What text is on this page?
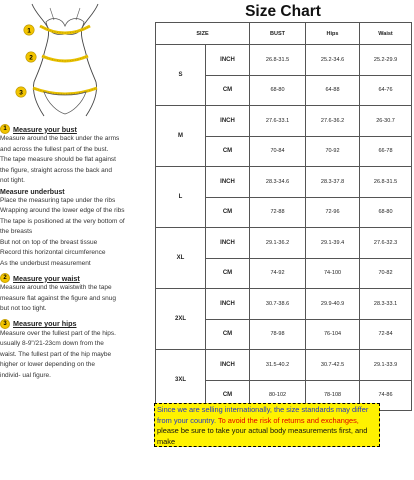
1
2
3
1 Measure your bust
Measure around the back under the arms
and across the fullest part of the bust.
The tape measure should be flat against
the figure, straight across the back and
not tight.
Measure underbust
Place the measuring tape under the ribs
Wrapping around the lower edge of the ribs
The tape is positioned at the very bottom of
the breasts
But not on top of the breast tissue
Record this horizontal circumference
As the underbust measurement
2 Measure your waist
Measure around the waistwith the tape
measure flat against the figure and snug
but not too tight.
3 Measure your hips
Measure over the fullest part of the hips.
usually 8-9"/21-23cm down from the
waist. The fullest part of the hip maybe
higher or lower depending on the
individ- ual figure.
Size Chart
SIZE		BUST	Hips	Waist
S	INCH	26.8-31.5	25.2-34.6	25.2-29.9
	CM	68-80	64-88	64-76
M	INCH	27.6-33.1	27.6-36.2	26-30.7
	CM	70-84	70-92	66-78
L	INCH	28.3-34.6	28.3-37.8	26.8-31.5
	CM	72-88	72-96	68-80
XL	INCH	29.1-36.2	29.1-39.4	27.6-32.3
	CM	74-92	74-100	70-82
2XL	INCH	30.7-38.6	29.9-40.9	28.3-33.1
	CM	78-98	76-104	72-84
3XL	INCH	31.5-40.2	30.7-42.5	29.1-33.9
	CM	80-102	78-108	74-86
Since we are selling internationally, the size standards may differ from your country. To avoid the risk of returns and exchanges, please be sure to take your actual body measurements first, and make
